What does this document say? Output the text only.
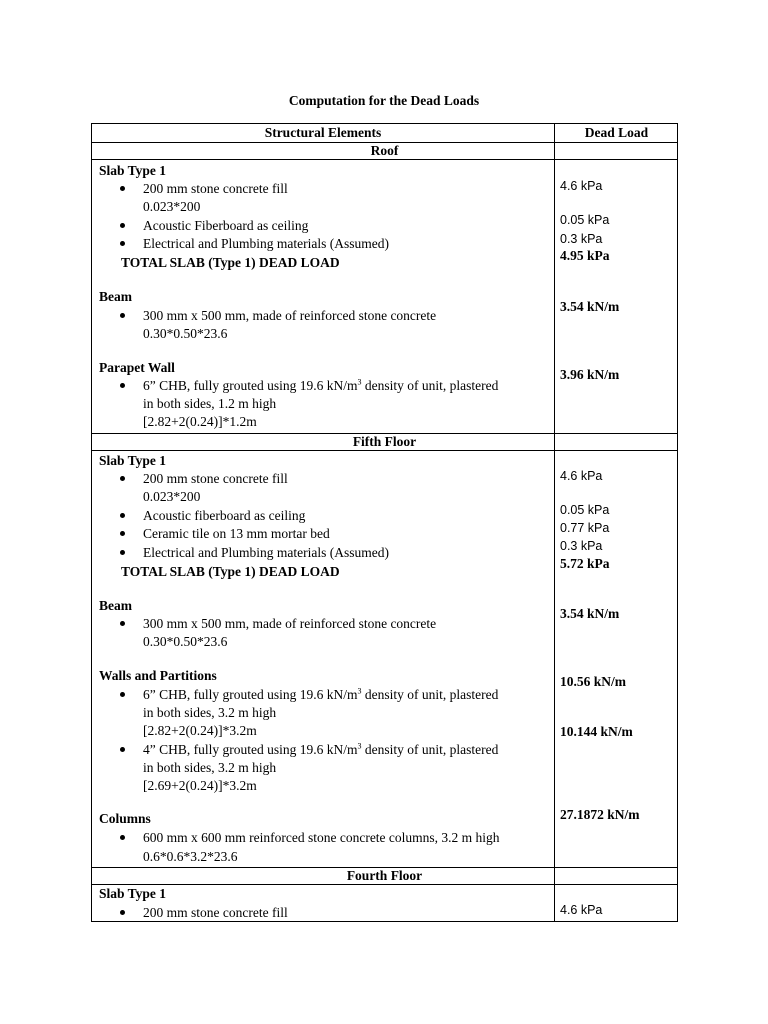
Computation for the Dead Loads
Structural Elements	Dead Load
Roof
Slab Type 1
200 mm stone concrete fill
0.023*200
Acoustic Fiberboard as ceiling
Electrical and Plumbing materials (Assumed)
TOTAL SLAB (Type 1) DEAD LOAD
4.6 kPa
0.05 kPa
0.3 kPa
4.95 kPa
Beam
300 mm x 500 mm, made of reinforced stone concrete
0.30*0.50*23.6
3.54 kN/m
Parapet Wall
6” CHB, fully grouted using 19.6 $kN/m^3$ density of unit, plastered
in both sides, 1.2 m high
[2.82+2(0.24)]*1.2m
3.96 kN/m
Fifth Floor
Slab Type 1
200 mm stone concrete fill
0.023*200
Acoustic fiberboard as ceiling
Ceramic tile on 13 mm mortar bed
Electrical and Plumbing materials (Assumed)
TOTAL SLAB (Type 1) DEAD LOAD
4.6 kPa
0.05 kPa
0.77 kPa
0.3 kPa
5.72 kPa
Beam
300 mm x 500 mm, made of reinforced stone concrete
0.30*0.50*23.6
3.54 kN/m
Walls and Partitions
6” CHB, fully grouted using 19.6 $kN/m^3$ density of unit, plastered
in both sides, 3.2 m high
[2.82+2(0.24)]*3.2m
10.56 kN/m
4” CHB, fully grouted using 19.6 $kN/m^3$ density of unit, plastered
in both sides, 3.2 m high
[2.69+2(0.24)]*3.2m
10.144 kN/m
Columns
600 mm x 600 mm reinforced stone concrete columns, 3.2 m high
0.6*0.6*3.2*23.6
27.1872 kN/m
Fourth Floor
Slab Type 1
200 mm stone concrete fill	4.6 kPa
